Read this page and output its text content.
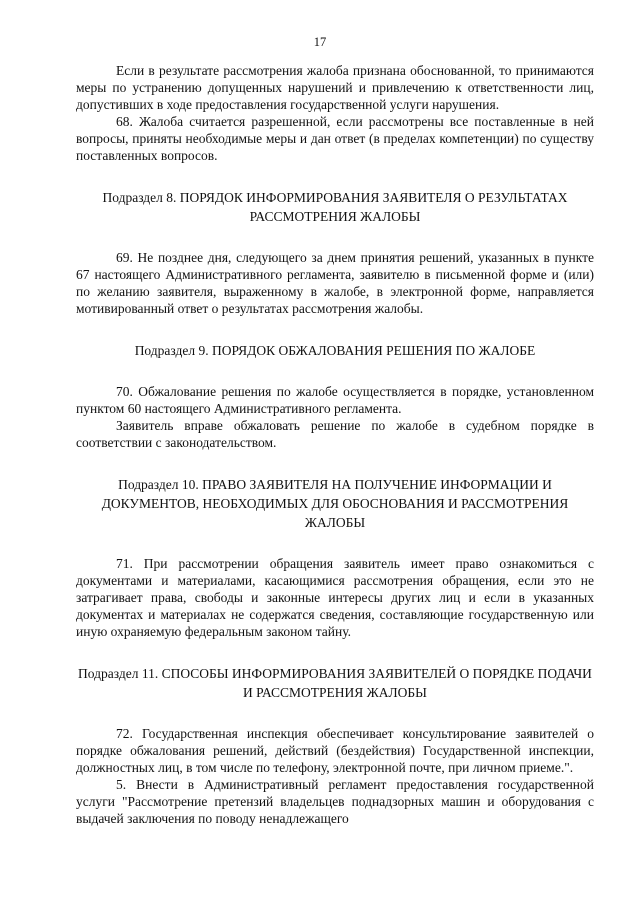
17

Если в результате рассмотрения жалоба признана обоснованной, то принимаются меры по устранению допущенных нарушений и привлечению к ответственности лиц, допустивших в ходе предоставления государственной услуги нарушения.

68. Жалоба считается разрешенной, если рассмотрены все поставленные в ней вопросы, приняты необходимые меры и дан ответ (в пределах компетенции) по существу поставленных вопросов.

Подраздел 8. ПОРЯДОК ИНФОРМИРОВАНИЯ ЗАЯВИТЕЛЯ О РЕЗУЛЬТАТАХ РАССМОТРЕНИЯ ЖАЛОБЫ

69. Не позднее дня, следующего за днем принятия решений, указанных в пункте 67 настоящего Административного регламента, заявителю в письменной форме и (или) по желанию заявителя, выраженному в жалобе, в электронной форме, направляется мотивированный ответ о результатах рассмотрения жалобы.

Подраздел 9. ПОРЯДОК ОБЖАЛОВАНИЯ РЕШЕНИЯ ПО ЖАЛОБЕ

70. Обжалование решения по жалобе осуществляется в порядке, установленном пунктом 60 настоящего Административного регламента.

Заявитель вправе обжаловать решение по жалобе в судебном порядке в соответствии с законодательством.

Подраздел 10. ПРАВО ЗАЯВИТЕЛЯ НА ПОЛУЧЕНИЕ ИНФОРМАЦИИ И ДОКУМЕНТОВ, НЕОБХОДИМЫХ ДЛЯ ОБОСНОВАНИЯ И РАССМОТРЕНИЯ ЖАЛОБЫ

71. При рассмотрении обращения заявитель имеет право ознакомиться с документами и материалами, касающимися рассмотрения обращения, если это не затрагивает права, свободы и законные интересы других лиц и если в указанных документах и материалах не содержатся сведения, составляющие государственную или иную охраняемую федеральным законом тайну.

Подраздел 11. СПОСОБЫ ИНФОРМИРОВАНИЯ ЗАЯВИТЕЛЕЙ О ПОРЯДКЕ ПОДАЧИ И РАССМОТРЕНИЯ ЖАЛОБЫ

72. Государственная инспекция обеспечивает консультирование заявителей о порядке обжалования решений, действий (бездействия) Государственной инспекции, должностных лиц, в том числе по телефону, электронной почте, при личном приеме.".

5. Внести в Административный регламент предоставления государственной услуги "Рассмотрение претензий владельцев поднадзорных машин и оборудования с выдачей заключения по поводу ненадлежащего
